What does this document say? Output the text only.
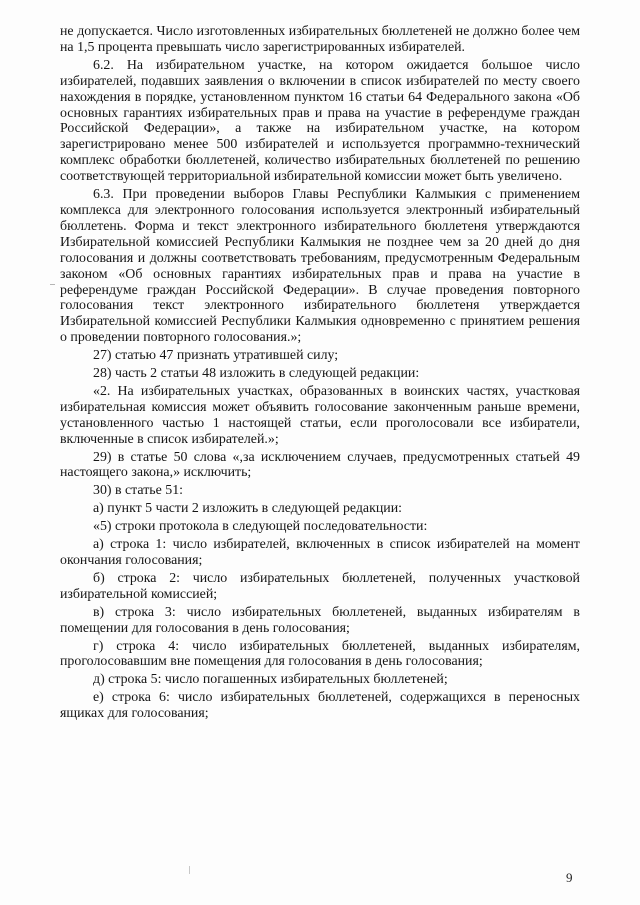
не допускается. Число изготовленных избирательных бюллетеней не должно более чем на 1,5 процента превышать число зарегистрированных избирателей.

6.2. На избирательном участке, на котором ожидается большое число избирателей, подавших заявления о включении в список избирателей по месту своего нахождения в порядке, установленном пунктом 16 статьи 64 Федерального закона «Об основных гарантиях избирательных прав и права на участие в референдуме граждан Российской Федерации», а также на избирательном участке, на котором зарегистрировано менее 500 избирателей и используется программно-технический комплекс обработки бюллетеней, количество избирательных бюллетеней по решению соответствующей территориальной избирательной комиссии может быть увеличено.

6.3. При проведении выборов Главы Республики Калмыкия с применением комплекса для электронного голосования используется электронный избирательный бюллетень. Форма и текст электронного избирательного бюллетеня утверждаются Избирательной комиссией Республики Калмыкия не позднее чем за 20 дней до дня голосования и должны соответствовать требованиям, предусмотренным Федеральным законом «Об основных гарантиях избирательных прав и права на участие в референдуме граждан Российской Федерации». В случае проведения повторного голосования текст электронного избирательного бюллетеня утверждается Избирательной комиссией Республики Калмыкия одновременно с принятием решения о проведении повторного голосования.»;

27) статью 47 признать утратившей силу;

28) часть 2 статьи 48 изложить в следующей редакции:

«2. На избирательных участках, образованных в воинских частях, участковая избирательная комиссия может объявить голосование законченным раньше времени, установленного частью 1 настоящей статьи, если проголосовали все избиратели, включенные в список избирателей.»;

29) в статье 50 слова «,за исключением случаев, предусмотренных статьей 49 настоящего закона,» исключить;

30) в статье 51:

а) пункт 5 части 2 изложить в следующей редакции:

«5) строки протокола в следующей последовательности:

а) строка 1: число избирателей, включенных в список избирателей на момент окончания голосования;

б) строка 2: число избирательных бюллетеней, полученных участковой избирательной комиссией;

в) строка 3: число избирательных бюллетеней, выданных избирателям в помещении для голосования в день голосования;

г) строка 4: число избирательных бюллетеней, выданных избирателям, проголосовавшим вне помещения для голосования в день голосования;

д) строка 5: число погашенных избирательных бюллетеней;

е) строка 6: число избирательных бюллетеней, содержащихся в переносных ящиках для голосования;

9
